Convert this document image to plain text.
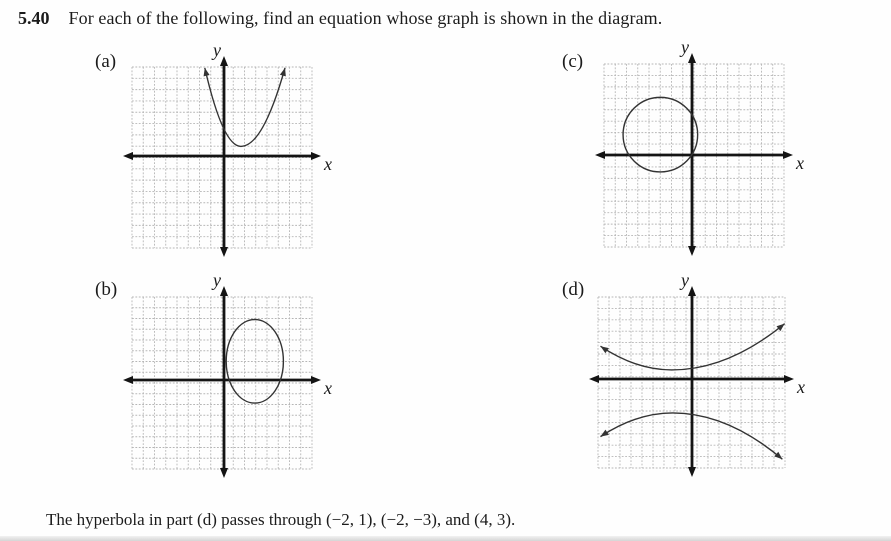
5.40 For each of the following, find an equation whose graph is shown in the diagram.

(a)
(b)
(c)
(d)
y
x
y
x
y
x
y
x

The hyperbola in part (d) passes through (−2, 1), (−2, −3), and (4, 3).
